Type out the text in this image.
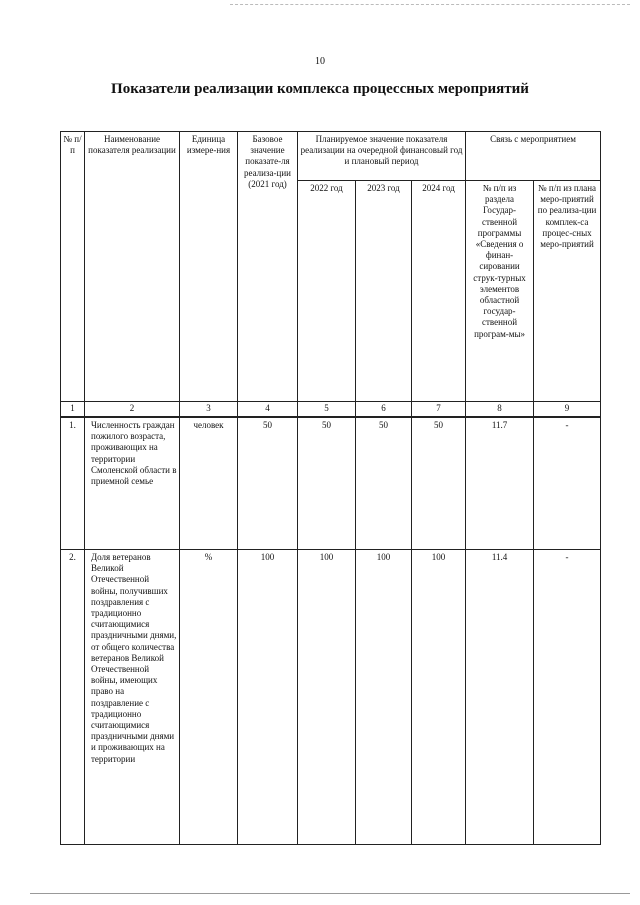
10
Показатели реализации комплекса процессных мероприятий
№ п/п	Наименование показателя реализации	Единица измере-ния	Базовое значение показате-ля реализа-ции (2021 год)	Планируемое значение показателя реализации на очередной финансовый год и плановый период			Связь с мероприятием	
				2022 год	2023 год	2024 год	№ п/п из раздела Государ-ственной программы «Сведения о финан-сировании струк-турных элементов областной государ-ственной програм-мы»	№ п/п из плана меро-приятий по реализа-ции комплек-са процес-сных меро-приятий
1	2	3	4	5	6	7	8	9
1.	Численность граждан пожилого возраста, проживающих на территории Смоленской области в приемной семье	человек	50	50	50	50	11.7	-
2.	Доля ветеранов Великой Отечественной войны, получивших поздравления с традиционно считающимися праздничными днями, от общего количества ветеранов Великой Отечественной войны, имеющих право на поздравление с традиционно считающимися праздничными днями и проживающих на территории	%	100	100	100	100	11.4	-
